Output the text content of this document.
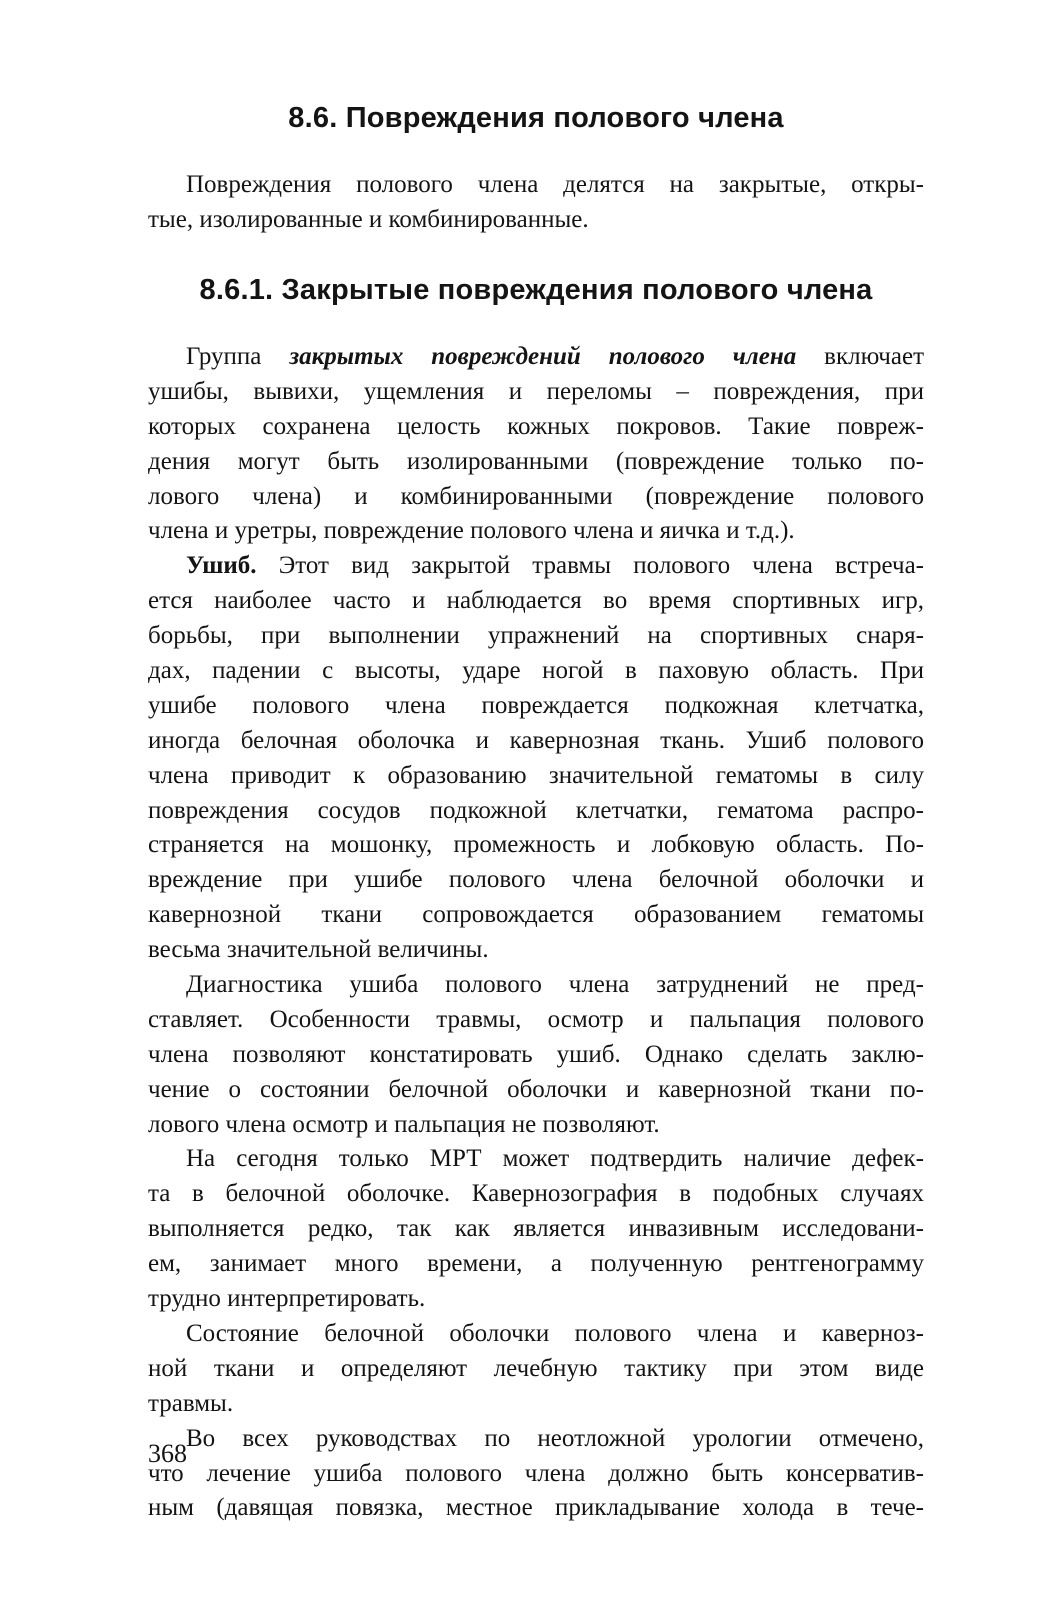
8.6. Повреждения полового члена
Повреждения полового члена делятся на закрытые, откры-
тые, изолированные и комбинированные.
8.6.1. Закрытые повреждения полового члена
Группа закрытых повреждений полового члена включает
ушибы, вывихи, ущемления и переломы – повреждения, при
которых сохранена целость кожных покровов. Такие повреж-
дения могут быть изолированными (повреждение только по-
лового члена) и комбинированными (повреждение полового
члена и уретры, повреждение полового члена и яичка и т.д.).
Ушиб. Этот вид закрытой травмы полового члена встреча-
ется наиболее часто и наблюдается во время спортивных игр,
борьбы, при выполнении упражнений на спортивных снаря-
дах, падении с высоты, ударе ногой в паховую область. При
ушибе полового члена повреждается подкожная клетчатка,
иногда белочная оболочка и кавернозная ткань. Ушиб полового
члена приводит к образованию значительной гематомы в силу
повреждения сосудов подкожной клетчатки, гематома распро-
страняется на мошонку, промежность и лобковую область. По-
вреждение при ушибе полового члена белочной оболочки и
кавернозной ткани сопровождается образованием гематомы
весьма значительной величины.
Диагностика ушиба полового члена затруднений не пред-
ставляет. Особенности травмы, осмотр и пальпация полового
члена позволяют констатировать ушиб. Однако сделать заклю-
чение о состоянии белочной оболочки и кавернозной ткани по-
лового члена осмотр и пальпация не позволяют.
На сегодня только МРТ может подтвердить наличие дефек-
та в белочной оболочке. Кавернозография в подобных случаях
выполняется редко, так как является инвазивным исследовани-
ем, занимает много времени, а полученную рентгенограмму
трудно интерпретировать.
Состояние белочной оболочки полового члена и каверноз-
ной ткани и определяют лечебную тактику при этом виде
травмы.
Во всех руководствах по неотложной урологии отмечено,
что лечение ушиба полового члена должно быть консерватив-
ным (давящая повязка, местное прикладывание холода в тече-
368
